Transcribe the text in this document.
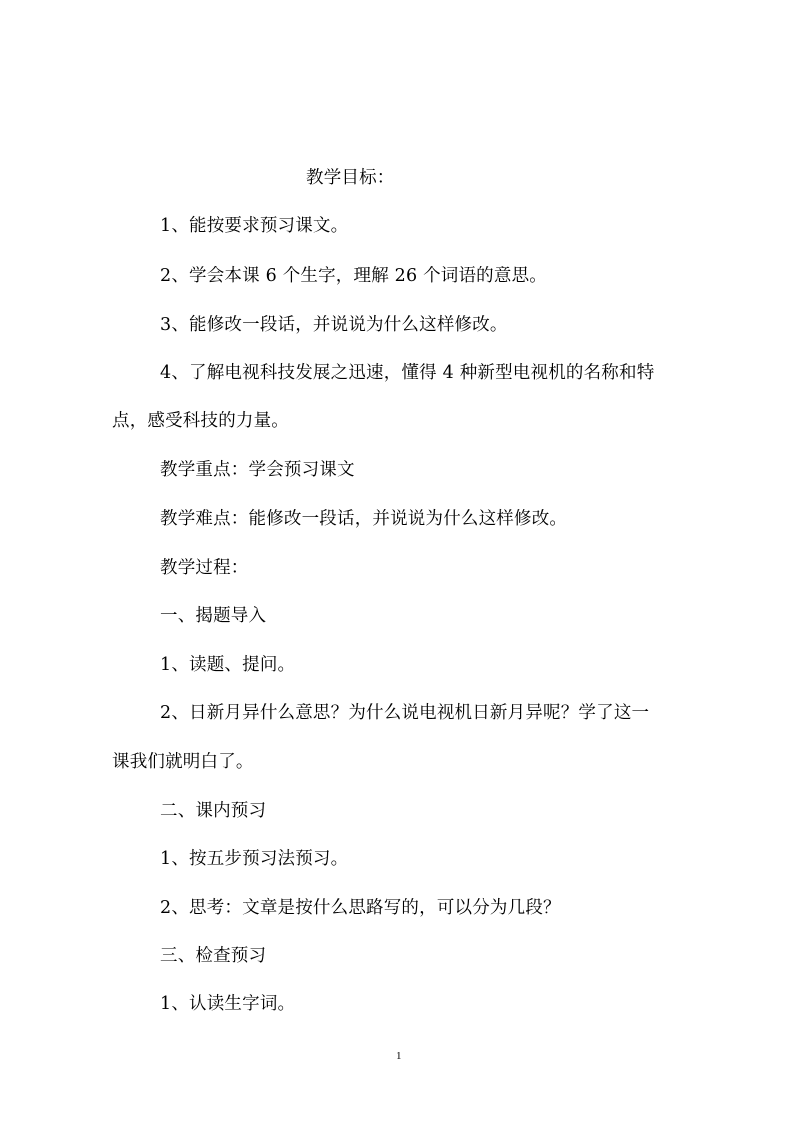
教学目标：
1、能按要求预习课文。
2、学会本课 6 个生字，理解 26 个词语的意思。
3、能修改一段话，并说说为什么这样修改。
4、了解电视科技发展之迅速，懂得 4 种新型电视机的名称和特
点，感受科技的力量。
教学重点：学会预习课文
教学难点：能修改一段话，并说说为什么这样修改。
教学过程：
一、揭题导入
1、读题、提问。
2、日新月异什么意思？为什么说电视机日新月异呢？学了这一
课我们就明白了。
二、课内预习
1、按五步预习法预习。
2、思考：文章是按什么思路写的，可以分为几段？
三、检查预习
1、认读生字词。
1
